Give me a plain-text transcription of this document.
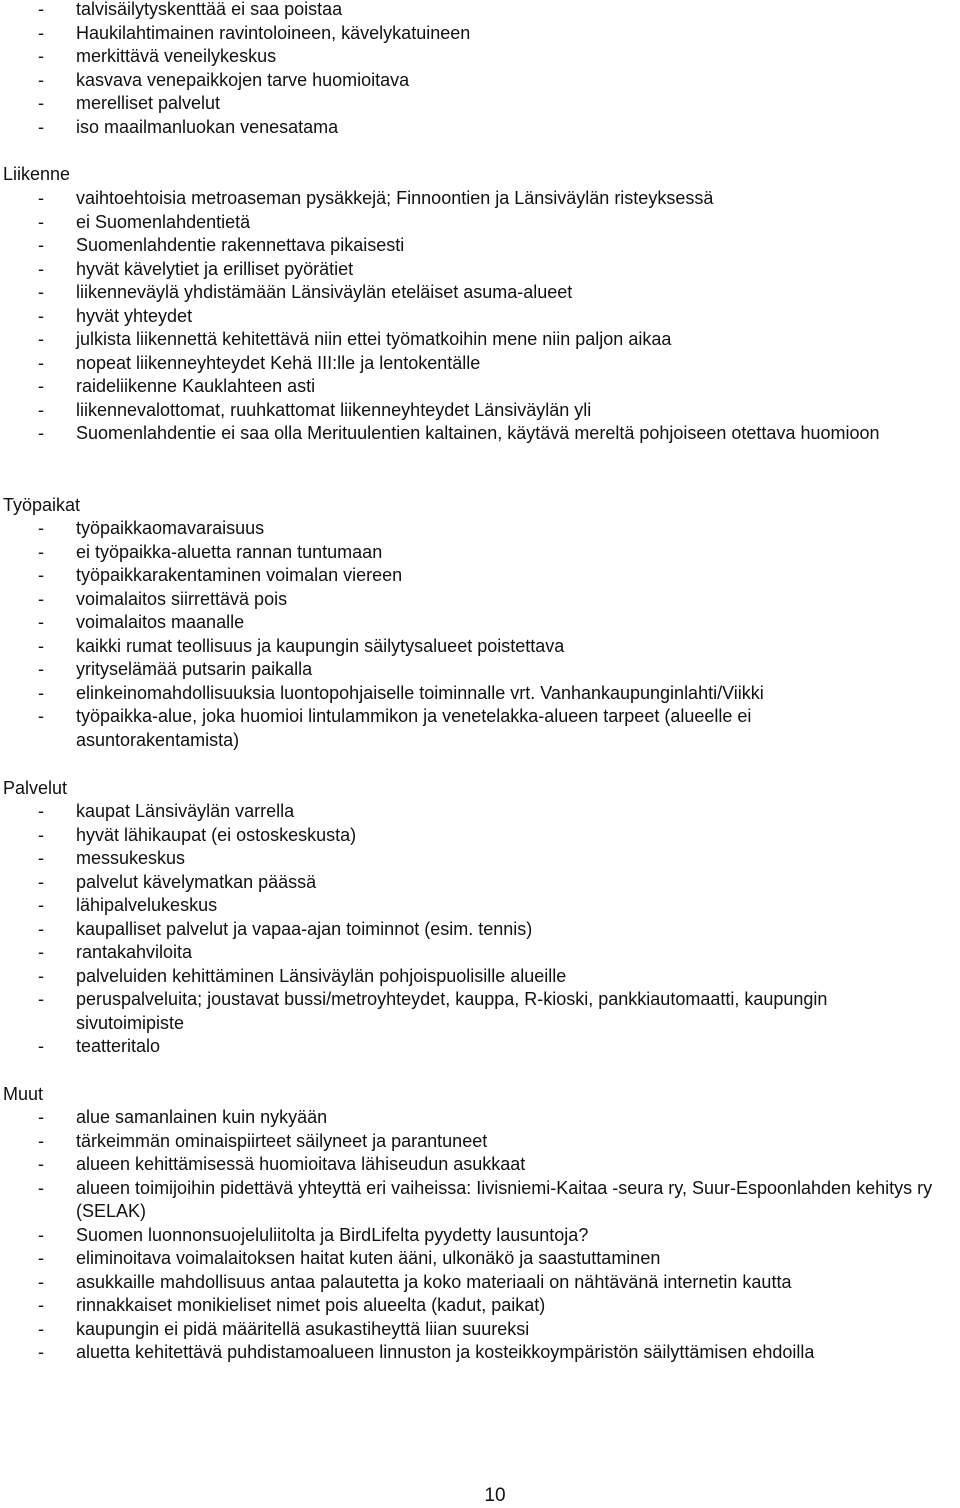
- talvisäilytyskenttää ei saa poistaa
- Haukilahtimainen ravintoloineen, kävelykatuineen
- merkittävä veneilykeskus
- kasvava venepaikkojen tarve huomioitava
- merelliset palvelut
- iso maailmanluokan venesatama
Liikenne
- vaihtoehtoisia metroaseman pysäkkejä; Finnoontien ja Länsiväylän risteyksessä
- ei Suomenlahdentietä
- Suomenlahdentie rakennettava pikaisesti
- hyvät kävelytiet ja erilliset pyörätiet
- liikenneväylä yhdistämään Länsiväylän eteläiset asuma-alueet
- hyvät yhteydet
- julkista liikennettä kehitettävä niin ettei työmatkoihin mene niin paljon aikaa
- nopeat liikenneyhteydet Kehä III:lle ja lentokentälle
- raideliikenne Kauklahteen asti
- liikennevalottomat, ruuhkattomat liikenneyhteydet Länsiväylän yli
- Suomenlahdentie ei saa olla Merituulentien kaltainen, käytävä mereltä pohjoiseen otettava huomioon
Työpaikat
- työpaikkaomavaraisuus
- ei työpaikka-aluetta rannan tuntumaan
- työpaikkarakentaminen voimalan viereen
- voimalaitos siirrettävä pois
- voimalaitos maanalle
- kaikki rumat teollisuus ja kaupungin säilytysalueet poistettava
- yrityselämää putsarin paikalla
- elinkeinomahdollisuuksia luontopohjaiselle toiminnalle vrt. Vanhankaupunginlahti/Viikki
- työpaikka-alue, joka huomioi lintulammikon ja venetelakka-alueen tarpeet (alueelle ei asuntorakentamista)
Palvelut
- kaupat Länsiväylän varrella
- hyvät lähikaupat (ei ostoskeskusta)
- messukeskus
- palvelut kävelymatkan päässä
- lähipalvelukeskus
- kaupalliset palvelut ja vapaa-ajan toiminnot (esim. tennis)
- rantakahviloita
- palveluiden kehittäminen Länsiväylän pohjoispuolisille alueille
- peruspalveluita; joustavat bussi/metroyhteydet, kauppa, R-kioski, pankkiautomaatti, kaupungin sivutoimipiste
- teatteritalo
Muut
- alue samanlainen kuin nykyään
- tärkeimmän ominaispiirteet säilyneet ja parantuneet
- alueen kehittämisessä huomioitava lähiseudun asukkaat
- alueen toimijoihin pidettävä yhteyttä eri vaiheissa: Iivisniemi-Kaitaa -seura ry, Suur-Espoonlahden kehitys ry (SELAK)
- Suomen luonnonsuojeluliitolta ja BirdLifelta pyydetty lausuntoja?
- eliminoitava voimalaitoksen haitat kuten ääni, ulkonäkö ja saastuttaminen
- asukkaille mahdollisuus antaa palautetta ja koko materiaali on nähtävänä internetin kautta
- rinnakkaiset monikieliset nimet pois alueelta (kadut, paikat)
- kaupungin ei pidä määritellä asukastiheyttä liian suureksi
- aluetta kehitettävä puhdistamoalueen linnuston ja kosteikkoympäristön säilyttämisen ehdoilla
10
